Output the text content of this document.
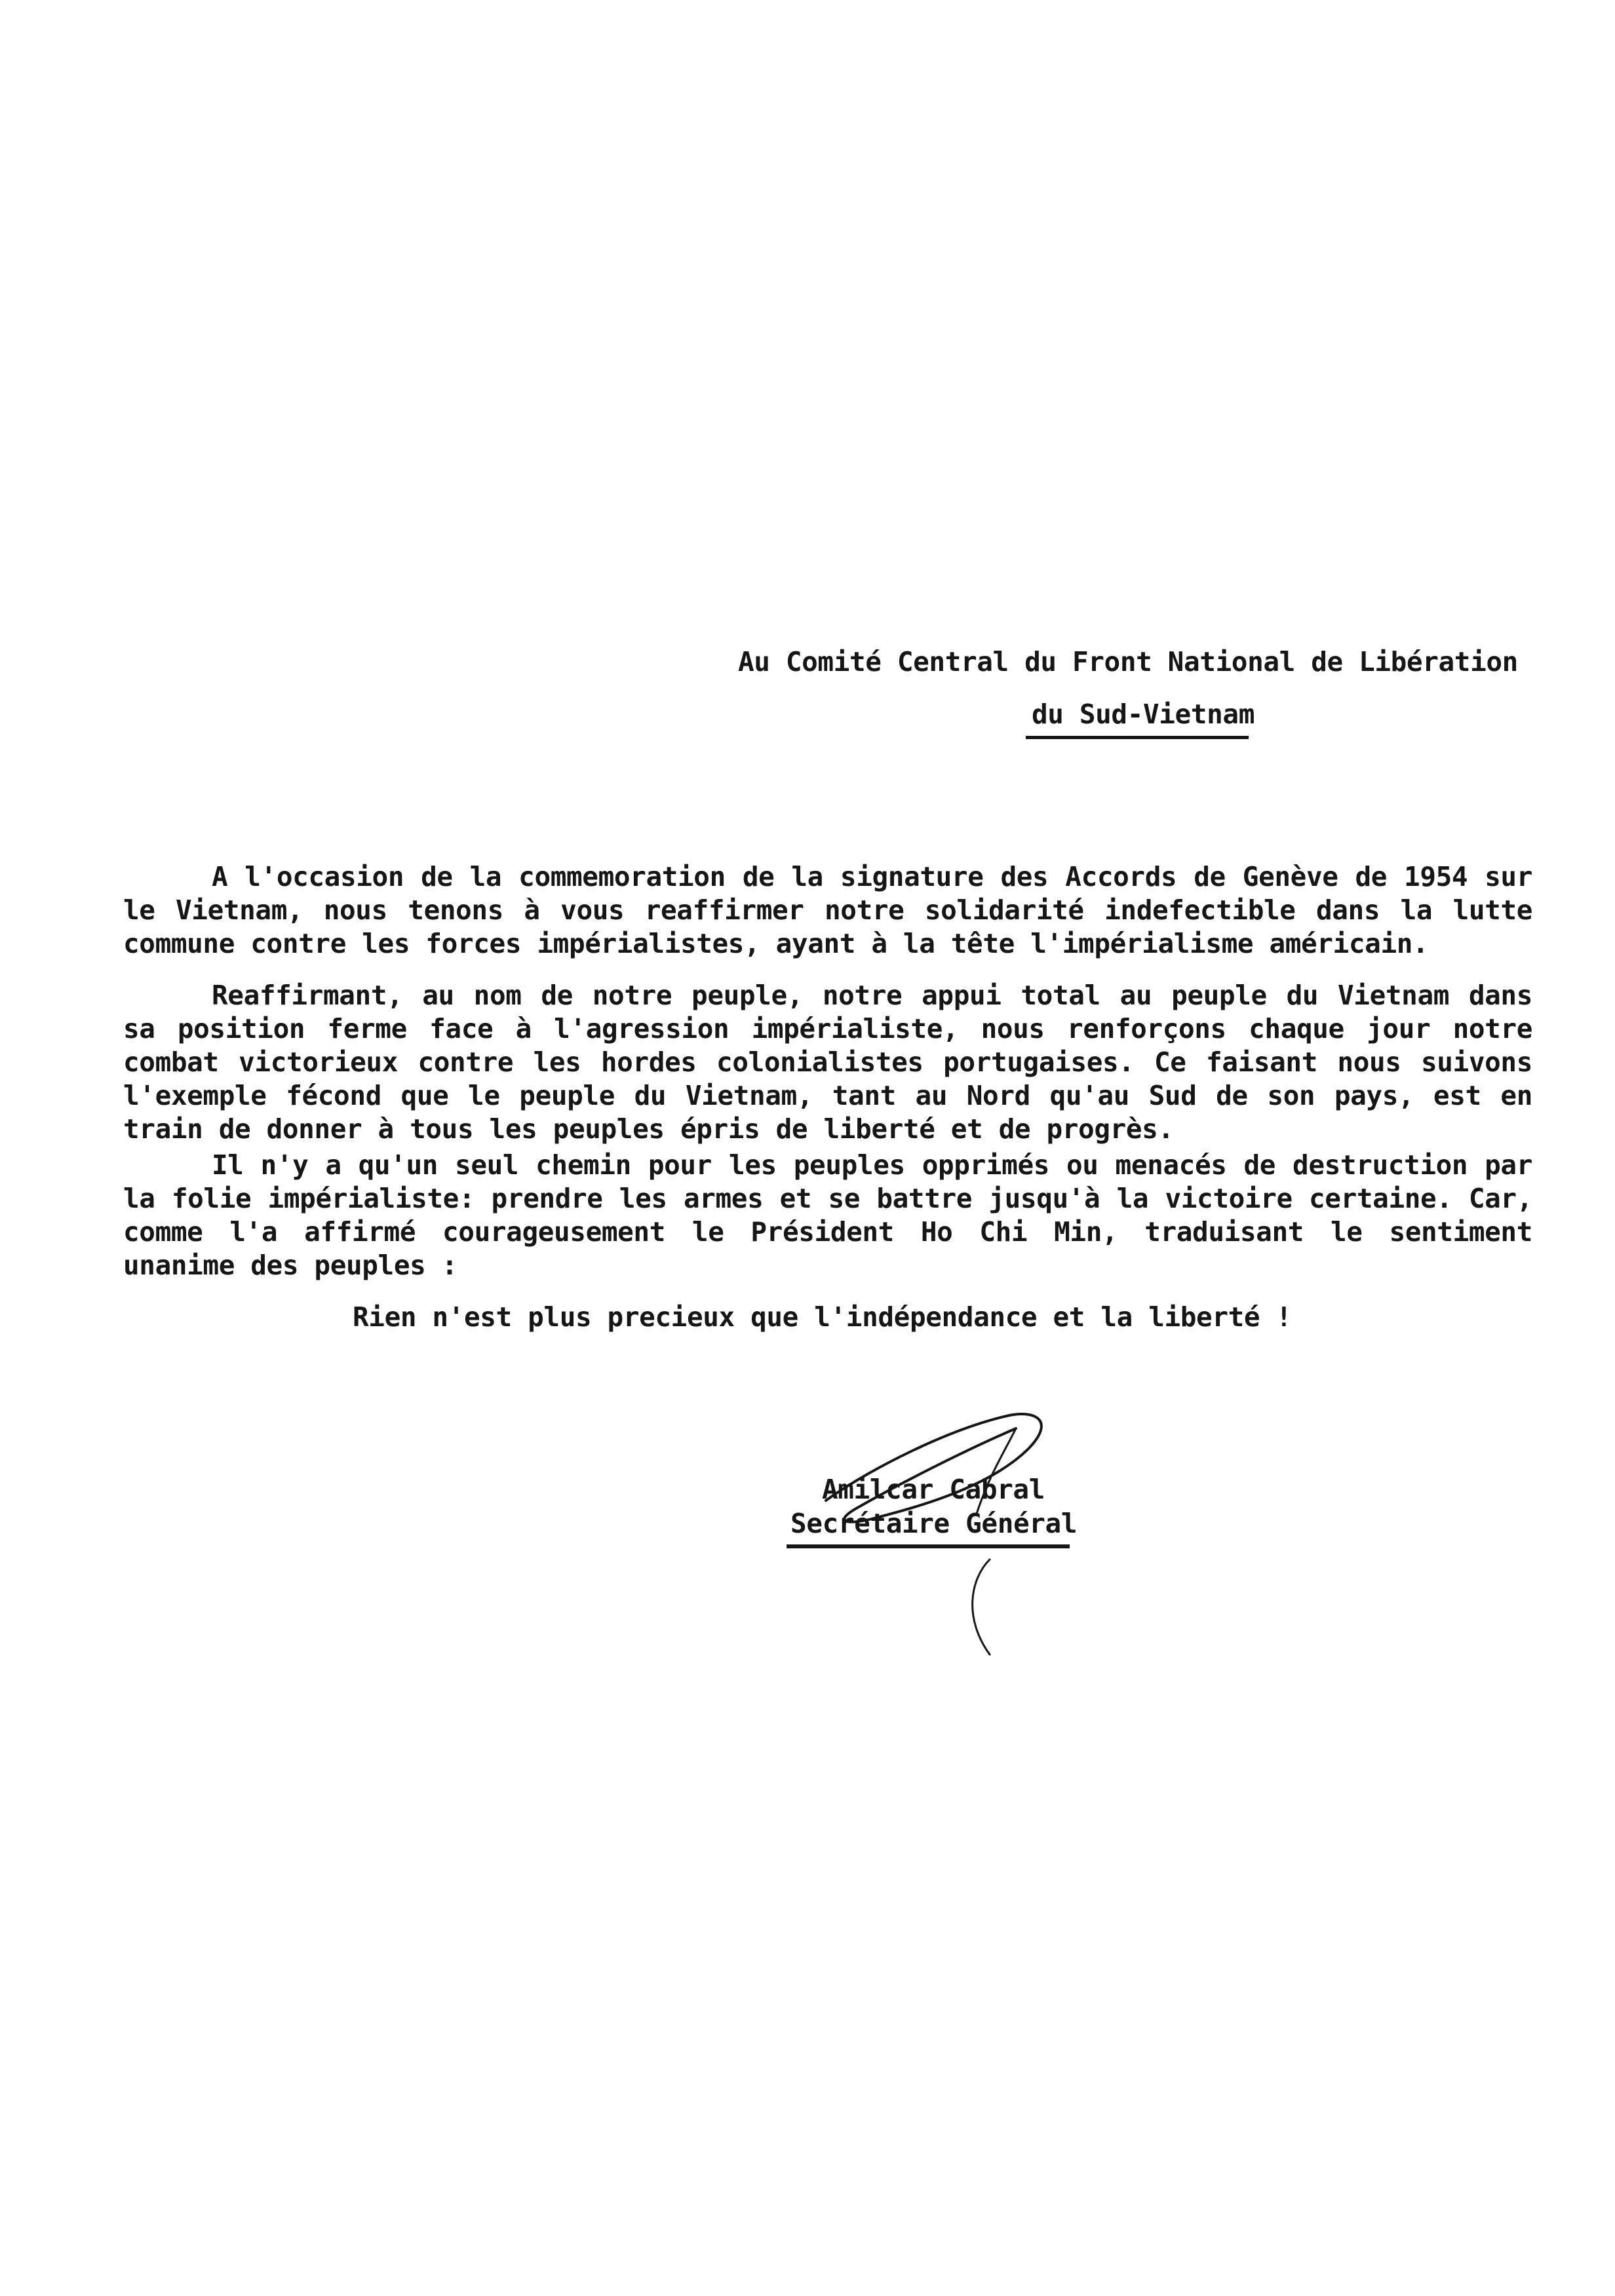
Au Comité Central du Front National de Libération
du Sud-Vietnam

A l'occasion de la commemoration de la signature des Accords de Genève de 1954 sur le Vietnam, nous tenons à vous reaffirmer notre solidarité indefectible dans la lutte commune contre les forces impérialistes, ayant à la tête l'impérialisme américain.

Reaffirmant, au nom de notre peuple, notre appui total au peuple du Vietnam dans sa position ferme face à l'agression impérialiste, nous renforçons chaque jour notre combat victorieux contre les hordes colonialistes portugaises. Ce faisant nous suivons l'exemple fécond que le peuple du Vietnam, tant au Nord qu'au Sud de son pays, est en train de donner à tous les peuples épris de liberté et de progrès.

Il n'y a qu'un seul chemin pour les peuples opprimés ou menacés de destruction par la folie impérialiste: prendre les armes et se battre jusqu'à la victoire certaine. Car, comme l'a affirmé courageusement le Président Ho Chi Min, traduisant le sentiment unanime des peuples :

Rien n'est plus precieux que l'indépendance et la liberté !
Amilcar Cabral
Secrétaire Général
